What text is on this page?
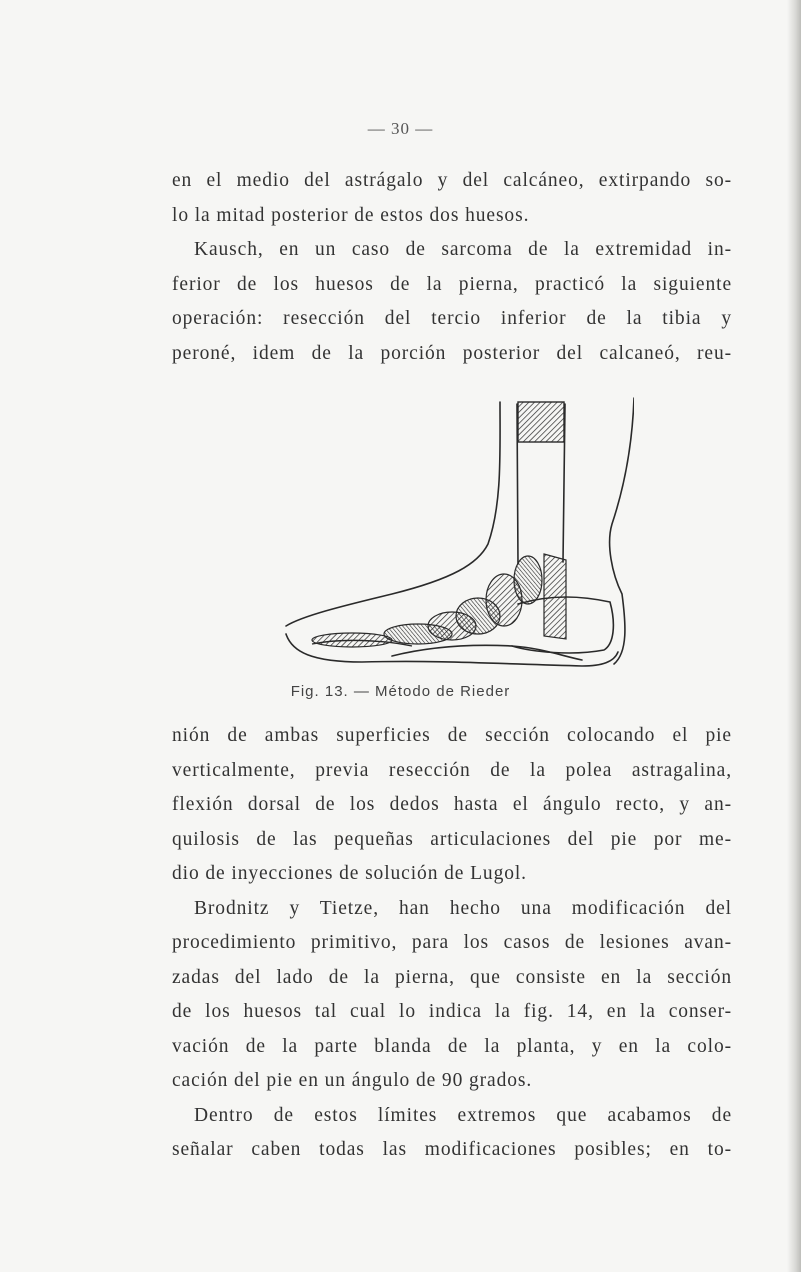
— 30 —
en el medio del astrágalo y del calcáneo, extirpando so-
lo la mitad posterior de estos dos huesos.
Kausch, en un caso de sarcoma de la extremidad in-
ferior de los huesos de la pierna, practicó la siguiente
operación: resección del tercio inferior de la tibia y
peroné, idem de la porción posterior del calcaneó, reu-
Fig. 13. — Método de Rieder
nión de ambas superficies de sección colocando el pie
verticalmente, previa resección de la polea astragalina,
flexión dorsal de los dedos hasta el ángulo recto, y an-
quilosis de las pequeñas articulaciones del pie por me-
dio de inyecciones de solución de Lugol.
Brodnitz y Tietze, han hecho una modificación del
procedimiento primitivo, para los casos de lesiones avan-
zadas del lado de la pierna, que consiste en la sección
de los huesos tal cual lo indica la fig. 14, en la conser-
vación de la parte blanda de la planta, y en la colo-
cación del pie en un ángulo de 90 grados.
Dentro de estos límites extremos que acabamos de
señalar caben todas las modificaciones posibles; en to-
